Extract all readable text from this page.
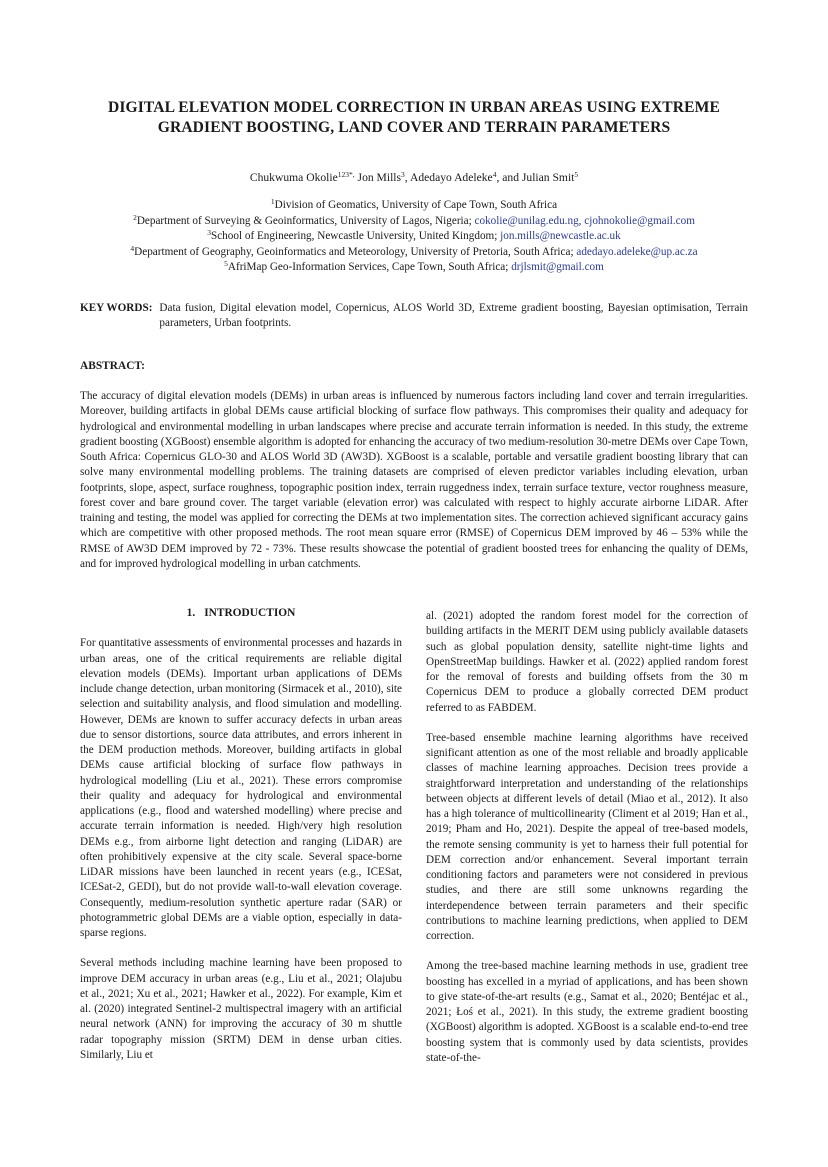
DIGITAL ELEVATION MODEL CORRECTION IN URBAN AREAS USING EXTREME
GRADIENT BOOSTING, LAND COVER AND TERRAIN PARAMETERS
Chukwuma Okolie$^{123*,}$ Jon Mills$^3$, Adedayo Adeleke$^4$, and Julian Smit$^5$
$^1$Division of Geomatics, University of Cape Town, South Africa
$^2$Department of Surveying & Geoinformatics, University of Lagos, Nigeria; cokolie@unilag.edu.ng, cjohnokolie@gmail.com
$^3$School of Engineering, Newcastle University, United Kingdom; jon.mills@newcastle.ac.uk
$^4$Department of Geography, Geoinformatics and Meteorology, University of Pretoria, South Africa; adedayo.adeleke@up.ac.za
$^5$AfriMap Geo-Information Services, Cape Town, South Africa; drjlsmit@gmail.com
KEY WORDS: Data fusion, Digital elevation model, Copernicus, ALOS World 3D, Extreme gradient boosting, Bayesian optimisation, Terrain parameters, Urban footprints.
ABSTRACT:

The accuracy of digital elevation models (DEMs) in urban areas is influenced by numerous factors including land cover and terrain irregularities. Moreover, building artifacts in global DEMs cause artificial blocking of surface flow pathways. This compromises their quality and adequacy for hydrological and environmental modelling in urban landscapes where precise and accurate terrain information is needed. In this study, the extreme gradient boosting (XGBoost) ensemble algorithm is adopted for enhancing the accuracy of two medium-resolution 30-metre DEMs over Cape Town, South Africa: Copernicus GLO-30 and ALOS World 3D (AW3D). XGBoost is a scalable, portable and versatile gradient boosting library that can solve many environmental modelling problems. The training datasets are comprised of eleven predictor variables including elevation, urban footprints, slope, aspect, surface roughness, topographic position index, terrain ruggedness index, terrain surface texture, vector roughness measure, forest cover and bare ground cover. The target variable (elevation error) was calculated with respect to highly accurate airborne LiDAR. After training and testing, the model was applied for correcting the DEMs at two implementation sites. The correction achieved significant accuracy gains which are competitive with other proposed methods. The root mean square error (RMSE) of Copernicus DEM improved by 46 – 53% while the RMSE of AW3D DEM improved by 72 - 73%. These results showcase the potential of gradient boosted trees for enhancing the quality of DEMs, and for improved hydrological modelling in urban catchments.

1. INTRODUCTION

For quantitative assessments of environmental processes and hazards in urban areas, one of the critical requirements are reliable digital elevation models (DEMs). Important urban applications of DEMs include change detection, urban monitoring (Sirmacek et al., 2010), site selection and suitability analysis, and flood simulation and modelling. However, DEMs are known to suffer accuracy defects in urban areas due to sensor distortions, source data attributes, and errors inherent in the DEM production methods. Moreover, building artifacts in global DEMs cause artificial blocking of surface flow pathways in hydrological modelling (Liu et al., 2021). These errors compromise their quality and adequacy for hydrological and environmental applications (e.g., flood and watershed modelling) where precise and accurate terrain information is needed. High/very high resolution DEMs e.g., from airborne light detection and ranging (LiDAR) are often prohibitively expensive at the city scale. Several space-borne LiDAR missions have been launched in recent years (e.g., ICESat, ICESat-2, GEDI), but do not provide wall-to-wall elevation coverage. Consequently, medium-resolution synthetic aperture radar (SAR) or photogrammetric global DEMs are a viable option, especially in data-sparse regions.

Several methods including machine learning have been proposed to improve DEM accuracy in urban areas (e.g., Liu et al., 2021; Olajubu et al., 2021; Xu et al., 2021; Hawker et al., 2022). For example, Kim et al. (2020) integrated Sentinel-2 multispectral imagery with an artificial neural network (ANN) for improving the accuracy of 30 m shuttle radar topography mission (SRTM) DEM in dense urban cities. Similarly, Liu et

al. (2021) adopted the random forest model for the correction of building artifacts in the MERIT DEM using publicly available datasets such as global population density, satellite night-time lights and OpenStreetMap buildings. Hawker et al. (2022) applied random forest for the removal of forests and building offsets from the 30 m Copernicus DEM to produce a globally corrected DEM product referred to as FABDEM.

Tree-based ensemble machine learning algorithms have received significant attention as one of the most reliable and broadly applicable classes of machine learning approaches. Decision trees provide a straightforward interpretation and understanding of the relationships between objects at different levels of detail (Miao et al., 2012). It also has a high tolerance of multicollinearity (Climent et al 2019; Han et al., 2019; Pham and Ho, 2021). Despite the appeal of tree-based models, the remote sensing community is yet to harness their full potential for DEM correction and/or enhancement. Several important terrain conditioning factors and parameters were not considered in previous studies, and there are still some unknowns regarding the interdependence between terrain parameters and their specific contributions to machine learning predictions, when applied to DEM correction.

Among the tree-based machine learning methods in use, gradient tree boosting has excelled in a myriad of applications, and has been shown to give state-of-the-art results (e.g., Samat et al., 2020; Bentéjac et al., 2021; Łoś et al., 2021). In this study, the extreme gradient boosting (XGBoost) algorithm is adopted. XGBoost is a scalable end-to-end tree boosting system that is commonly used by data scientists, provides state-of-the-
